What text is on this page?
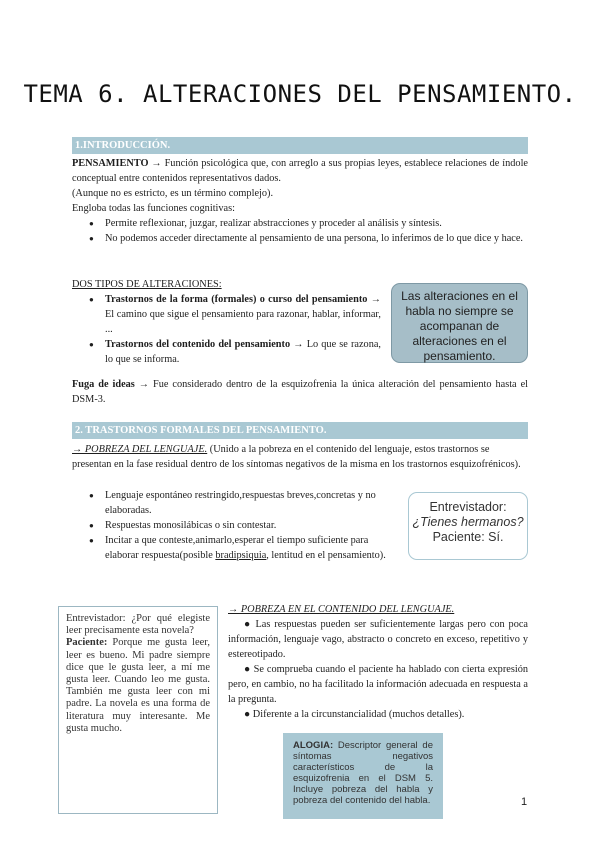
TEMA 6. ALTERACIONES DEL PENSAMIENTO.
1.INTRODUCCIÓN.

PENSAMIENTO → Función psicológica que, con arreglo a sus propias leyes, establece relaciones de índole conceptual entre contenidos representativos dados.

(Aunque no es estricto, es un término complejo).

Engloba todas las funciones cognitivas:

● Permite reflexionar, juzgar, realizar abstracciones y proceder al análisis y síntesis.
● No podemos acceder directamente al pensamiento de una persona, lo inferimos de lo que dice y hace.

DOS TIPOS DE ALTERACIONES:

● Trastornos de la forma (formales) o curso del pensamiento → El camino que sigue el pensamiento para razonar, hablar, informar, ...
● Trastornos del contenido del pensamiento → Lo que se razona, lo que se informa.
Las alteraciones en el habla no siempre se acompanan de alteraciones en el pensamiento.

Fuga de ideas → Fue considerado dentro de la esquizofrenia la única alteración del pensamiento hasta el DSM-3.

2. TRASTORNOS FORMALES DEL PENSAMIENTO.

→ POBREZA DEL LENGUAJE. (Unido a la pobreza en el contenido del lenguaje, estos trastornos se presentan en la fase residual dentro de los síntomas negativos de la misma en los trastornos esquizofrénicos).

● Lenguaje espontáneo restringido,respuestas breves,concretas y no elaboradas.
● Respuestas monosilábicas o sin contestar.
● Incitar a que conteste,animarlo,esperar el tiempo suficiente para elaborar respuesta(posible bradipsiquia, lentitud en el pensamiento).
Entrevistador:
¿Tienes hermanos?
Paciente: Sí.
Entrevistador: ¿Por qué elegiste leer precisamente esta novela?
Paciente: Porque me gusta leer, leer es bueno. Mi padre siempre dice que le gusta leer, a mí me gusta leer. Cuando leo me gusta. También me gusta leer con mi padre. La novela es una forma de literatura muy interesante. Me gusta mucho.

→ POBREZA EN EL CONTENIDO DEL LENGUAJE.

● Las respuestas pueden ser suficientemente largas pero con poca información, lenguaje vago, abstracto o concreto en exceso, repetitivo y estereotipado.

● Se comprueba cuando el paciente ha hablado con cierta expresión pero, en cambio, no ha facilitado la información adecuada en respuesta a la pregunta.

● Diferente a la circunstancialidad (muchos detalles).

ALOGIA: Descriptor general de síntomas negativos característicos de la esquizofrenia en el DSM 5. Incluye pobreza del habla y pobreza del contenido del habla.	1
